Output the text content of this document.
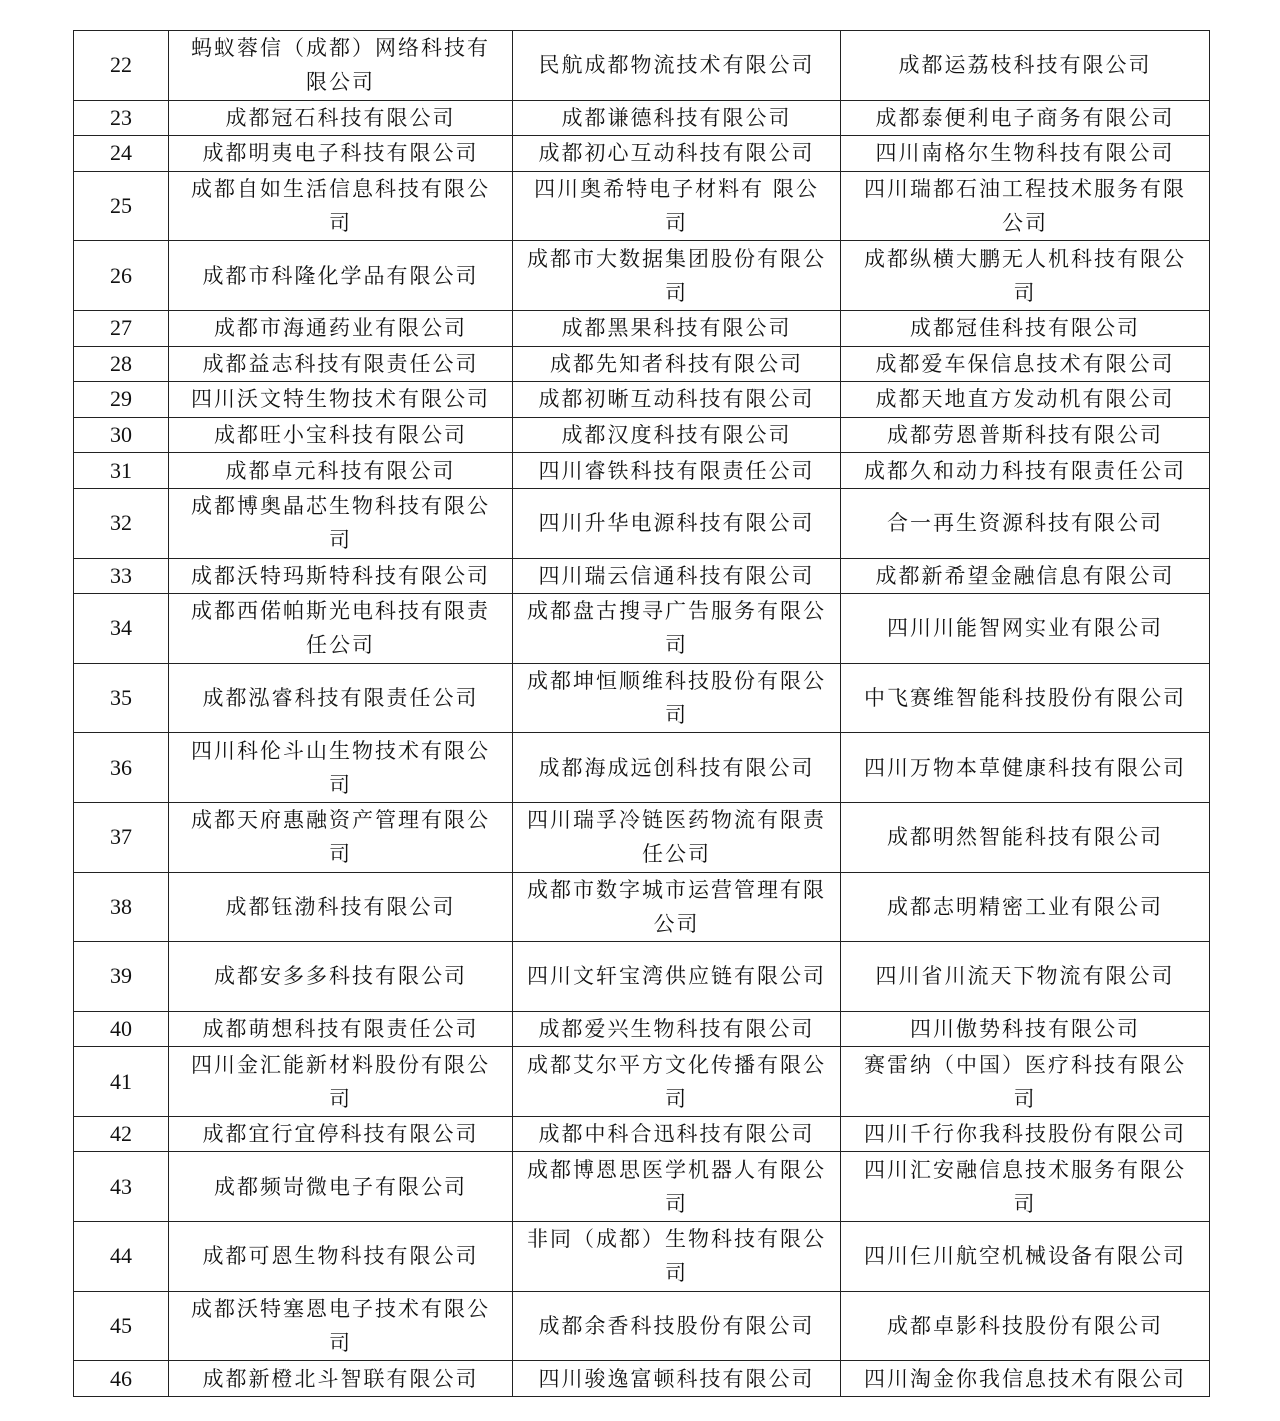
22	蚂蚁蓉信（成都）网络科技有限公司	民航成都物流技术有限公司	成都运荔枝科技有限公司
23	成都冠石科技有限公司	成都谦德科技有限公司	成都泰便利电子商务有限公司
24	成都明夷电子科技有限公司	成都初心互动科技有限公司	四川南格尔生物科技有限公司
25	成都自如生活信息科技有限公司	四川奥希特电子材料有 限公司	四川瑞都石油工程技术服务有限公司
26	成都市科隆化学品有限公司	成都市大数据集团股份有限公司	成都纵横大鹏无人机科技有限公司
27	成都市海通药业有限公司	成都黑果科技有限公司	成都冠佳科技有限公司
28	成都益志科技有限责任公司	成都先知者科技有限公司	成都爱车保信息技术有限公司
29	四川沃文特生物技术有限公司	成都初晰互动科技有限公司	成都天地直方发动机有限公司
30	成都旺小宝科技有限公司	成都汉度科技有限公司	成都劳恩普斯科技有限公司
31	成都卓元科技有限公司	四川睿铁科技有限责任公司	成都久和动力科技有限责任公司
32	成都博奥晶芯生物科技有限公司	四川升华电源科技有限公司	合一再生资源科技有限公司
33	成都沃特玛斯特科技有限公司	四川瑞云信通科技有限公司	成都新希望金融信息有限公司
34	成都西偌帕斯光电科技有限责任公司	成都盘古搜寻广告服务有限公司	四川川能智网实业有限公司
35	成都泓睿科技有限责任公司	成都坤恒顺维科技股份有限公司	中飞赛维智能科技股份有限公司
36	四川科伦斗山生物技术有限公司	成都海成远创科技有限公司	四川万物本草健康科技有限公司
37	成都天府惠融资产管理有限公司	四川瑞孚冷链医药物流有限责任公司	成都明然智能科技有限公司
38	成都钰渤科技有限公司	成都市数字城市运营管理有限公司	成都志明精密工业有限公司
39	成都安多多科技有限公司	四川文轩宝湾供应链有限公司	四川省川流天下物流有限公司
40	成都萌想科技有限责任公司	成都爱兴生物科技有限公司	四川傲势科技有限公司
41	四川金汇能新材料股份有限公司	成都艾尔平方文化传播有限公司	赛雷纳（中国）医疗科技有限公司
42	成都宜行宜停科技有限公司	成都中科合迅科技有限公司	四川千行你我科技股份有限公司
43	成都频岢微电子有限公司	成都博恩思医学机器人有限公司	四川汇安融信息技术服务有限公司
44	成都可恩生物科技有限公司	非同（成都）生物科技有限公司	四川仨川航空机械设备有限公司
45	成都沃特塞恩电子技术有限公司	成都余香科技股份有限公司	成都卓影科技股份有限公司
46	成都新橙北斗智联有限公司	四川骏逸富顿科技有限公司	四川淘金你我信息技术有限公司
